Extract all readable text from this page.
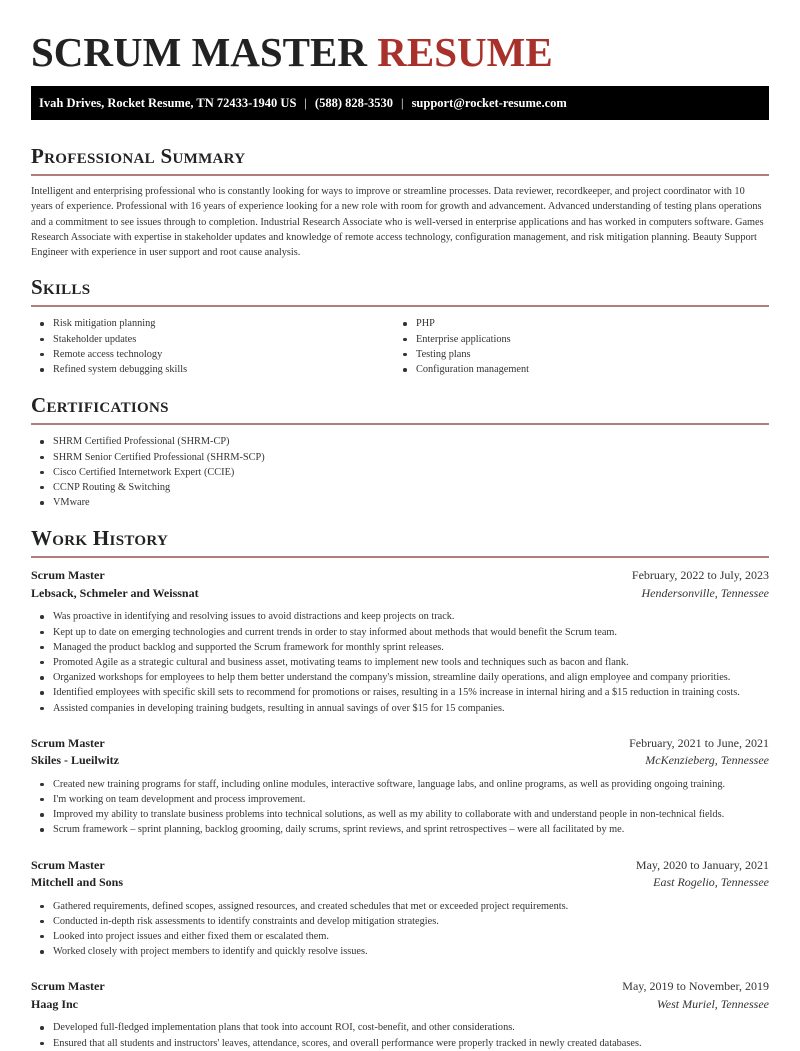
SCRUM MASTER RESUME
Ivah Drives, Rocket Resume, TN 72433-1940 US | (588) 828-3530 | support@rocket-resume.com
Professional Summary

Intelligent and enterprising professional who is constantly looking for ways to improve or streamline processes. Data reviewer, recordkeeper, and project coordinator with 10 years of experience. Professional with 16 years of experience looking for a new role with room for growth and advancement. Advanced understanding of testing plans operations and a commitment to see issues through to completion. Industrial Research Associate who is well-versed in enterprise applications and has worked in computers software. Games Research Associate with expertise in stakeholder updates and knowledge of remote access technology, configuration management, and risk mitigation planning. Beauty Support Engineer with experience in user support and root cause analysis.

Skills
Risk mitigation planning
Stakeholder updates
Remote access technology
Refined system debugging skills
PHP
Enterprise applications
Testing plans
Configuration management
Certifications
SHRM Certified Professional (SHRM-CP)
SHRM Senior Certified Professional (SHRM-SCP)
Cisco Certified Internetwork Expert (CCIE)
CCNP Routing & Switching
VMware
Work History
Scrum Master	February, 2022 to July, 2023
Lebsack, Schmeler and Weissnat	Hendersonville, Tennessee
Was proactive in identifying and resolving issues to avoid distractions and keep projects on track.
Kept up to date on emerging technologies and current trends in order to stay informed about methods that would benefit the Scrum team.
Managed the product backlog and supported the Scrum framework for monthly sprint releases.
Promoted Agile as a strategic cultural and business asset, motivating teams to implement new tools and techniques such as bacon and flank.
Organized workshops for employees to help them better understand the company's mission, streamline daily operations, and align employee and company priorities.
Identified employees with specific skill sets to recommend for promotions or raises, resulting in a 15% increase in internal hiring and a $15 reduction in training costs.
Assisted companies in developing training budgets, resulting in annual savings of over $15 for 15 companies.
Scrum Master	February, 2021 to June, 2021
Skiles - Lueilwitz	McKenzieberg, Tennessee
Created new training programs for staff, including online modules, interactive software, language labs, and online programs, as well as providing ongoing training.
I'm working on team development and process improvement.
Improved my ability to translate business problems into technical solutions, as well as my ability to collaborate with and understand people in non-technical fields.
Scrum framework – sprint planning, backlog grooming, daily scrums, sprint reviews, and sprint retrospectives – were all facilitated by me.
Scrum Master	May, 2020 to January, 2021
Mitchell and Sons	East Rogelio, Tennessee
Gathered requirements, defined scopes, assigned resources, and created schedules that met or exceeded project requirements.
Conducted in-depth risk assessments to identify constraints and develop mitigation strategies.
Looked into project issues and either fixed them or escalated them.
Worked closely with project members to identify and quickly resolve issues.
Scrum Master	May, 2019 to November, 2019
Haag Inc	West Muriel, Tennessee
Developed full-fledged implementation plans that took into account ROI, cost-benefit, and other considerations.
Ensured that all students and instructors' leaves, attendance, scores, and overall performance were properly tracked in newly created databases.
